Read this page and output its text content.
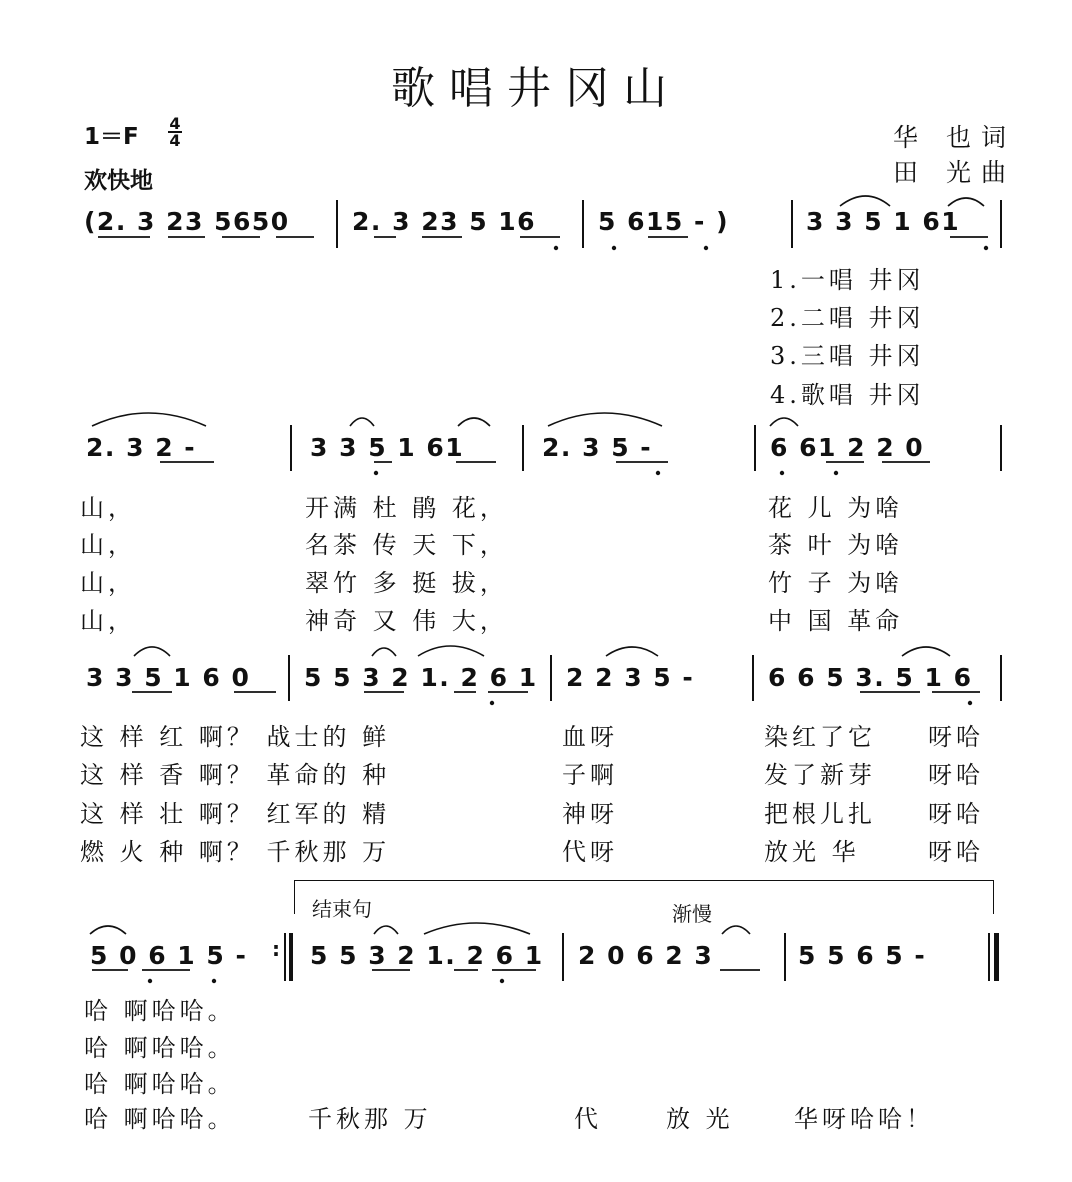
歌唱井冈山
1＝F
4
4
欢快地
华 也词
田 光曲
(2. 3 23 5650 2. 3 23 5 16 5 615 - )	3 3 5 1 61
1.一唱 井冈
2.二唱 井冈
3.三唱 井冈
4.歌唱 井冈
2. 3 2 -	3 3 5 1 61	2. 3 5 -	6 61 2 2 0
山，	开满 杜 鹃 花，	花 儿 为啥
山，	名茶 传 天 下，	茶 叶 为啥
山，	翠竹 多 挺 拔，	竹 子 为啥
山，	神奇 又 伟 大，	中 国 革命
3 3 5 1 6 0 5 5 3 2 1. 2 6 1 2 2 3 5 -	6 6 5 3. 5 1 6
这 样 红 啊？ 战士的 鲜	血呀	染红了它 呀哈
这 样 香 啊？ 革命的 种	子啊	发了新芽 呀哈
这 样 壮 啊？ 红军的 精	神呀	把根儿扎 呀哈
燃 火 种 啊？ 千秋那 万	代呀	放光 华	呀哈
结束句	渐慢
5 0 6 1 5 - : 5 5 3 2 1. 2 6 1 2 0 6 2 3	5 5 6 5 -
哈 啊哈哈。
哈 啊哈哈。
哈 啊哈哈。
哈 啊哈哈。	千秋那 万	代	放 光	华呀哈哈！
